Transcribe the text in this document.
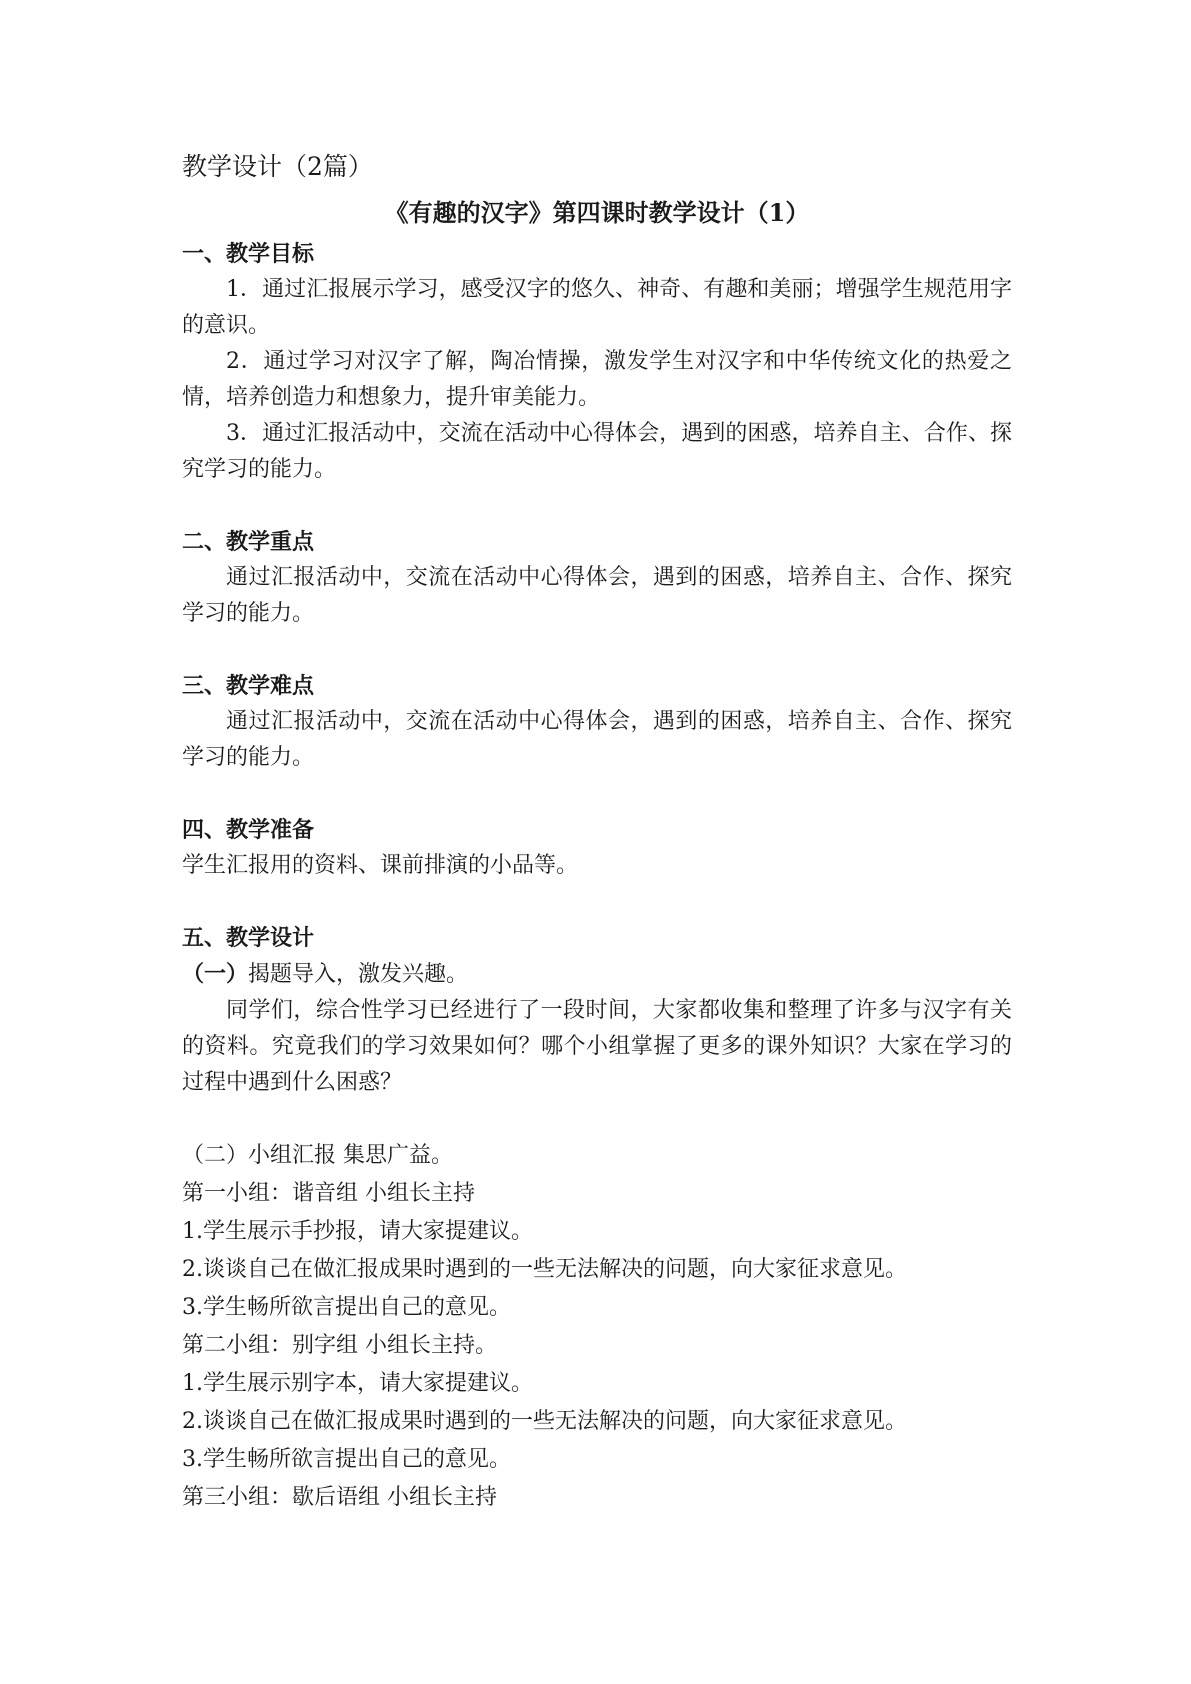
教学设计（2篇）

《有趣的汉字》第四课时教学设计（1）

一、教学目标

1．通过汇报展示学习，感受汉字的悠久、神奇、有趣和美丽；增强学生规范用字的意识。

2．通过学习对汉字了解，陶冶情操，激发学生对汉字和中华传统文化的热爱之情，培养创造力和想象力，提升审美能力。

3．通过汇报活动中，交流在活动中心得体会，遇到的困惑，培养自主、合作、探究学习的能力。

二、教学重点

通过汇报活动中，交流在活动中心得体会，遇到的困惑，培养自主、合作、探究学习的能力。

三、教学难点

通过汇报活动中，交流在活动中心得体会，遇到的困惑，培养自主、合作、探究学习的能力。

四、教学准备

学生汇报用的资料、课前排演的小品等。

五、教学设计

（一）揭题导入，激发兴趣。

同学们，综合性学习已经进行了一段时间，大家都收集和整理了许多与汉字有关的资料。究竟我们的学习效果如何？哪个小组掌握了更多的课外知识？大家在学习的过程中遇到什么困惑？

（二）小组汇报 集思广益。

第一小组：谐音组 小组长主持

1.学生展示手抄报，请大家提建议。

2.谈谈自己在做汇报成果时遇到的一些无法解决的问题，向大家征求意见。

3.学生畅所欲言提出自己的意见。

第二小组：别字组 小组长主持。

1.学生展示别字本，请大家提建议。

2.谈谈自己在做汇报成果时遇到的一些无法解决的问题，向大家征求意见。

3.学生畅所欲言提出自己的意见。

第三小组：歇后语组 小组长主持
